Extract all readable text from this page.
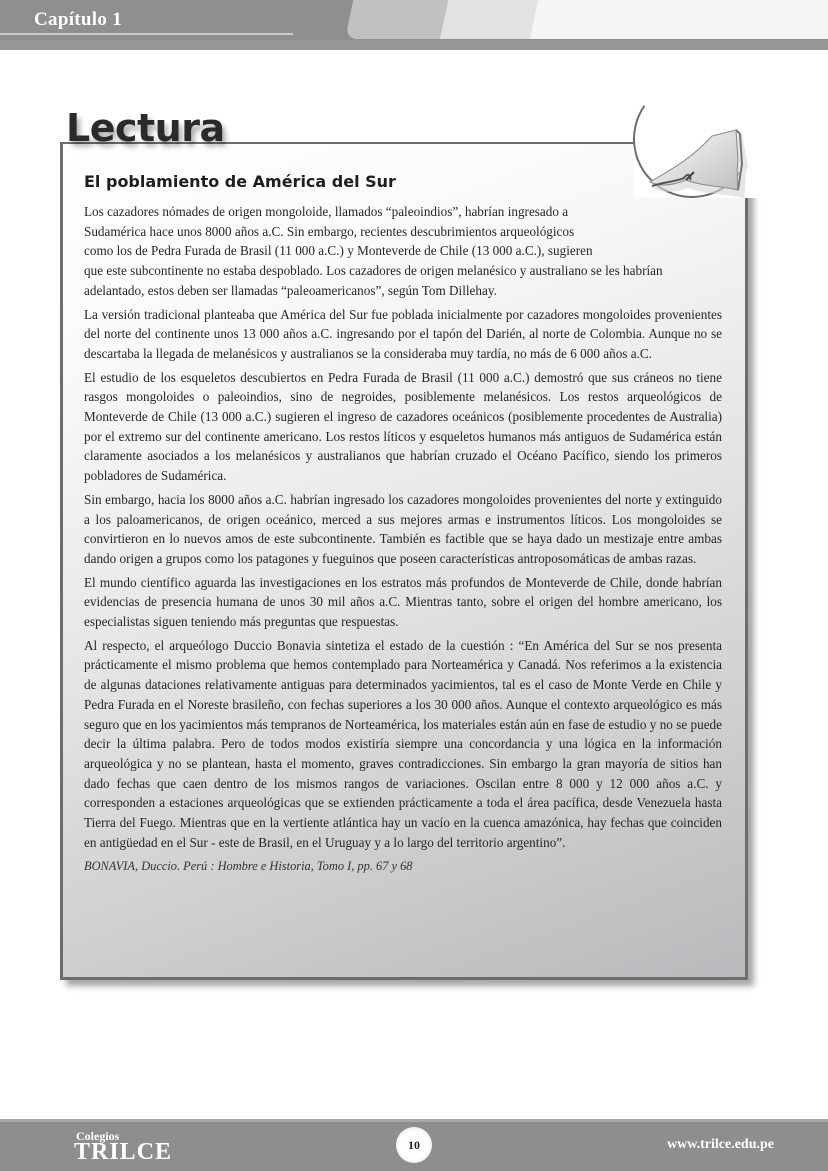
Capítulo 1
Lectura
El poblamiento de América del Sur
Los cazadores nómades de origen mongoloide, llamados “paleoindios”, habrían ingresado a
Sudamérica hace unos 8000 años a.C. Sin embargo, recientes descubrimientos arqueológicos
como los de Pedra Furada de Brasil (11 000 a.C.) y Monteverde de Chile (13 000 a.C.), sugieren
que este subcontinente no estaba despoblado. Los cazadores de origen melanésico y australiano se les habrían
adelantado, estos deben ser llamadas “paleoamericanos”, según Tom Dillehay.

La versión tradicional planteaba que América del Sur fue poblada inicialmente por cazadores mongoloides provenientes del norte del continente unos 13 000 años a.C. ingresando por el tapón del Darién, al norte de Colombia. Aunque no se descartaba la llegada de melanésicos y australianos se la consideraba muy tardía, no más de 6 000 años a.C.

El estudio de los esqueletos descubiertos en Pedra Furada de Brasil (11 000 a.C.) demostró que sus cráneos no tiene rasgos mongoloides o paleoindios, sino de negroides, posiblemente melanésicos. Los restos arqueológicos de Monteverde de Chile (13 000 a.C.) sugieren el ingreso de cazadores oceánicos (posiblemente procedentes de Australia) por el extremo sur del continente americano. Los restos líticos y esqueletos humanos más antiguos de Sudamérica están claramente asociados a los melanésicos y australianos que habrían cruzado el Océano Pacífico, siendo los primeros pobladores de Sudamérica.

Sin embargo, hacia los 8000 años a.C. habrían ingresado los cazadores mongoloides provenientes del norte y extinguido a los paloamericanos, de origen oceánico, merced a sus mejores armas e instrumentos líticos. Los mongoloides se convirtieron en lo nuevos amos de este subcontinente. También es factible que se haya dado un mestizaje entre ambas dando origen a grupos como los patagones y fueguinos que poseen características antroposomáticas de ambas razas.

El mundo científico aguarda las investigaciones en los estratos más profundos de Monteverde de Chile, donde habrían evidencias de presencia humana de unos 30 mil años a.C. Mientras tanto, sobre el origen del hombre americano, los especialistas siguen teniendo más preguntas que respuestas.

Al respecto, el arqueólogo Duccio Bonavia sintetiza el estado de la cuestión : “En América del Sur se nos presenta prácticamente el mismo problema que hemos contemplado para Norteamérica y Canadá. Nos referimos a la existencia de algunas dataciones relativamente antiguas para determinados yacimientos, tal es el caso de Monte Verde en Chile y Pedra Furada en el Noreste brasileño, con fechas superiores a los 30 000 años. Aunque el contexto arqueológico es más seguro que en los yacimientos más tempranos de Norteamérica, los materiales están aún en fase de estudio y no se puede decir la última palabra. Pero de todos modos existiría siempre una concordancia y una lógica en la información arqueológica y no se plantean, hasta el momento, graves contradicciones. Sin embargo la gran mayoría de sitios han dado fechas que caen dentro de los mismos rangos de variaciones. Oscilan entre 8 000 y 12 000 años a.C. y corresponden a estaciones arqueológicas que se extienden prácticamente a toda el área pacífica, desde Venezuela hasta Tierra del Fuego. Mientras que en la vertiente atlántica hay un vacío en la cuenca amazónica, hay fechas que coinciden en antigüedad en el Sur - este de Brasil, en el Uruguay y a lo largo del territorio argentino”.

BONAVIA, Duccio. Perú : Hombre e Historia, Tomo I, pp. 67 y 68

Colegios
TRILCE	10	www.trilce.edu.pe
